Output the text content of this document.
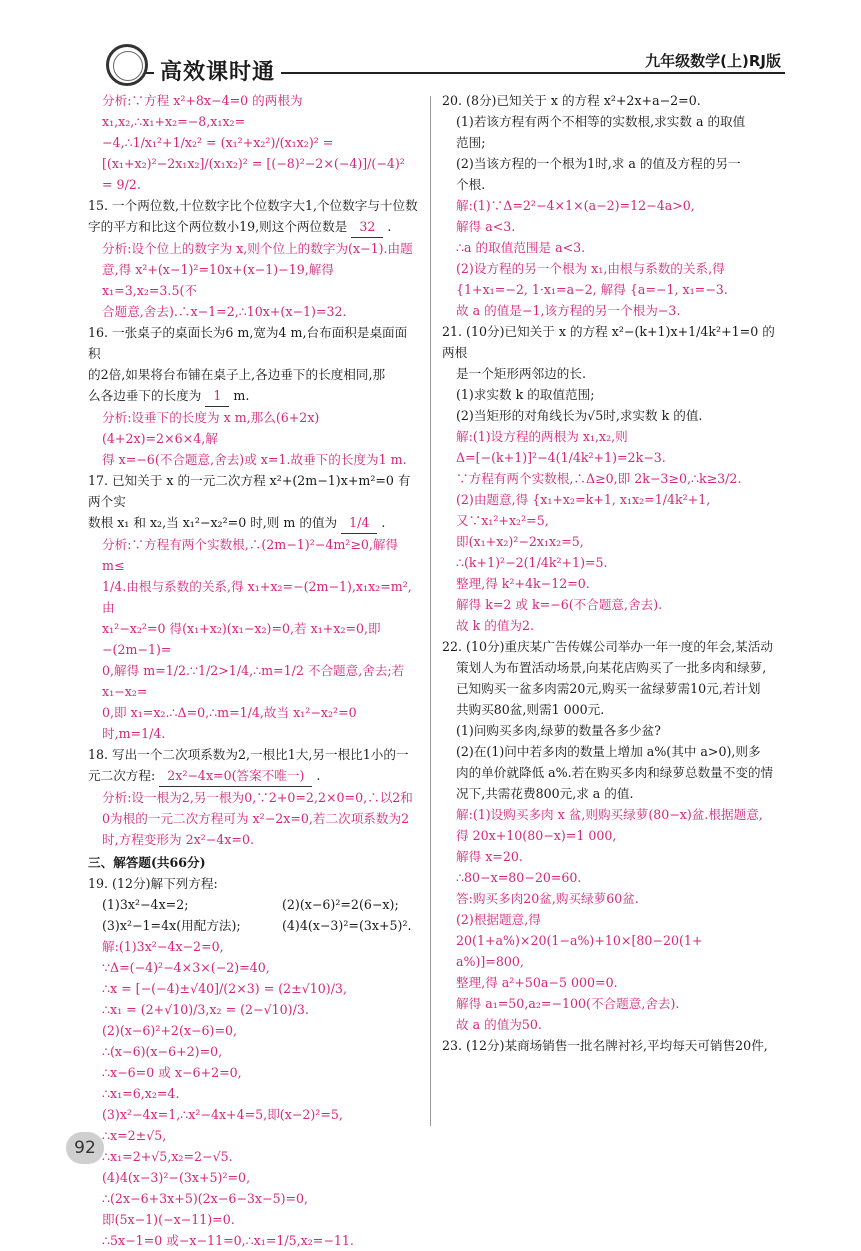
高效课时通	九年级数学(上)RJ版

分析:∵方程 x²+8x−4=0 的两根为 x₁,x₂,∴x₁+x₂=−8,x₁x₂=

−4,∴1/x₁²+1/x₂² = (x₁²+x₂²)/(x₁x₂)² = [(x₁+x₂)²−2x₁x₂]/(x₁x₂)² = [(−8)²−2×(−4)]/(−4)² = 9/2.

15. 一个两位数,十位数字比个位数字大1,个位数字与十位数

字的平方和比这个两位数小19,则这个两位数是 32 .

分析:设个位上的数字为 x,则个位上的数字为(x−1).由题

意,得 x²+(x−1)²=10x+(x−1)−19,解得 x₁=3,x₂=3.5(不

合题意,舍去).∴x−1=2,∴10x+(x−1)=32.

16. 一张桌子的桌面长为6 m,宽为4 m,台布面积是桌面面积

的2倍,如果将台布铺在桌子上,各边垂下的长度相同,那

么各边垂下的长度为 1 m.

分析:设垂下的长度为 x m,那么(6+2x)(4+2x)=2×6×4,解

得 x=−6(不合题意,舍去)或 x=1.故垂下的长度为1 m.

17. 已知关于 x 的一元二次方程 x²+(2m−1)x+m²=0 有两个实

数根 x₁ 和 x₂,当 x₁²−x₂²=0 时,则 m 的值为 1/4 .

分析:∵方程有两个实数根,∴(2m−1)²−4m²≥0,解得 m≤

1/4.由根与系数的关系,得 x₁+x₂=−(2m−1),x₁x₂=m²,由

x₁²−x₂²=0 得(x₁+x₂)(x₁−x₂)=0,若 x₁+x₂=0,即−(2m−1)=

0,解得 m=1/2.∵1/2>1/4,∴m=1/2 不合题意,舍去;若 x₁−x₂=

0,即 x₁=x₂.∴Δ=0,∴m=1/4,故当 x₁²−x₂²=0 时,m=1/4.

18. 写出一个二次项系数为2,一根比1大,另一根比1小的一

元二次方程: 2x²−4x=0(答案不唯一) .

分析:设一根为2,另一根为0,∵2+0=2,2×0=0,∴以2和

0为根的一元二次方程可为 x²−2x=0,若二次项系数为2

时,方程变形为 2x²−4x=0.

三、解答题(共66分)

19. (12分)解下列方程:

(1)3x²−4x=2;	(2)(x−6)²=2(6−x);

(3)x²−1=4x(用配方法);	(4)4(x−3)²=(3x+5)².

解:(1)3x²−4x−2=0,

∵Δ=(−4)²−4×3×(−2)=40,

∴x = [−(−4)±√40]/(2×3) = (2±√10)/3,

∴x₁ = (2+√10)/3,x₂ = (2−√10)/3.

(2)(x−6)²+2(x−6)=0,

∴(x−6)(x−6+2)=0,

∴x−6=0 或 x−6+2=0,

∴x₁=6,x₂=4.

(3)x²−4x=1,∴x²−4x+4=5,即(x−2)²=5,

∴x=2±√5,

∴x₁=2+√5,x₂=2−√5.

(4)4(x−3)²−(3x+5)²=0,

∴(2x−6+3x+5)(2x−6−3x−5)=0,

即(5x−1)(−x−11)=0.

∴5x−1=0 或−x−11=0,∴x₁=1/5,x₂=−11.

20. (8分)已知关于 x 的方程 x²+2x+a−2=0.

(1)若该方程有两个不相等的实数根,求实数 a 的取值

范围;

(2)当该方程的一个根为1时,求 a 的值及方程的另一

个根.

解:(1)∵Δ=2²−4×1×(a−2)=12−4a>0,

解得 a<3.

∴a 的取值范围是 a<3.

(2)设方程的另一个根为 x₁,由根与系数的关系,得

{1+x₁=−2, 1·x₁=a−2, 解得 {a=−1, x₁=−3.

故 a 的值是−1,该方程的另一个根为−3.

21. (10分)已知关于 x 的方程 x²−(k+1)x+1/4k²+1=0 的两根

是一个矩形两邻边的长.

(1)求实数 k 的取值范围;

(2)当矩形的对角线长为√5时,求实数 k 的值.

解:(1)设方程的两根为 x₁,x₂,则

Δ=[−(k+1)]²−4(1/4k²+1)=2k−3.

∵方程有两个实数根,∴Δ≥0,即 2k−3≥0,∴k≥3/2.

(2)由题意,得 {x₁+x₂=k+1, x₁x₂=1/4k²+1,

又∵x₁²+x₂²=5,

即(x₁+x₂)²−2x₁x₂=5,

∴(k+1)²−2(1/4k²+1)=5.

整理,得 k²+4k−12=0.

解得 k=2 或 k=−6(不合题意,舍去).

故 k 的值为2.

22. (10分)重庆某广告传媒公司举办一年一度的年会,某活动

策划人为布置活动场景,向某花店购买了一批多肉和绿萝,

已知购买一盆多肉需20元,购买一盆绿萝需10元,若计划

共购买80盆,则需1 000元.

(1)问购买多肉,绿萝的数量各多少盆?

(2)在(1)问中若多肉的数量上增加 a%(其中 a>0),则多

肉的单价就降低 a%.若在购买多肉和绿萝总数量不变的情

况下,共需花费800元,求 a 的值.

解:(1)设购买多肉 x 盆,则购买绿萝(80−x)盆.根据题意,

得 20x+10(80−x)=1 000,

解得 x=20.

∴80−x=80−20=60.

答:购买多肉20盆,购买绿萝60盆.

(2)根据题意,得 20(1+a%)×20(1−a%)+10×[80−20(1+

a%)]=800,

整理,得 a²+50a−5 000=0.

解得 a₁=50,a₂=−100(不合题意,舍去).

故 a 的值为50.

23. (12分)某商场销售一批名牌衬衫,平均每天可销售20件,

92
